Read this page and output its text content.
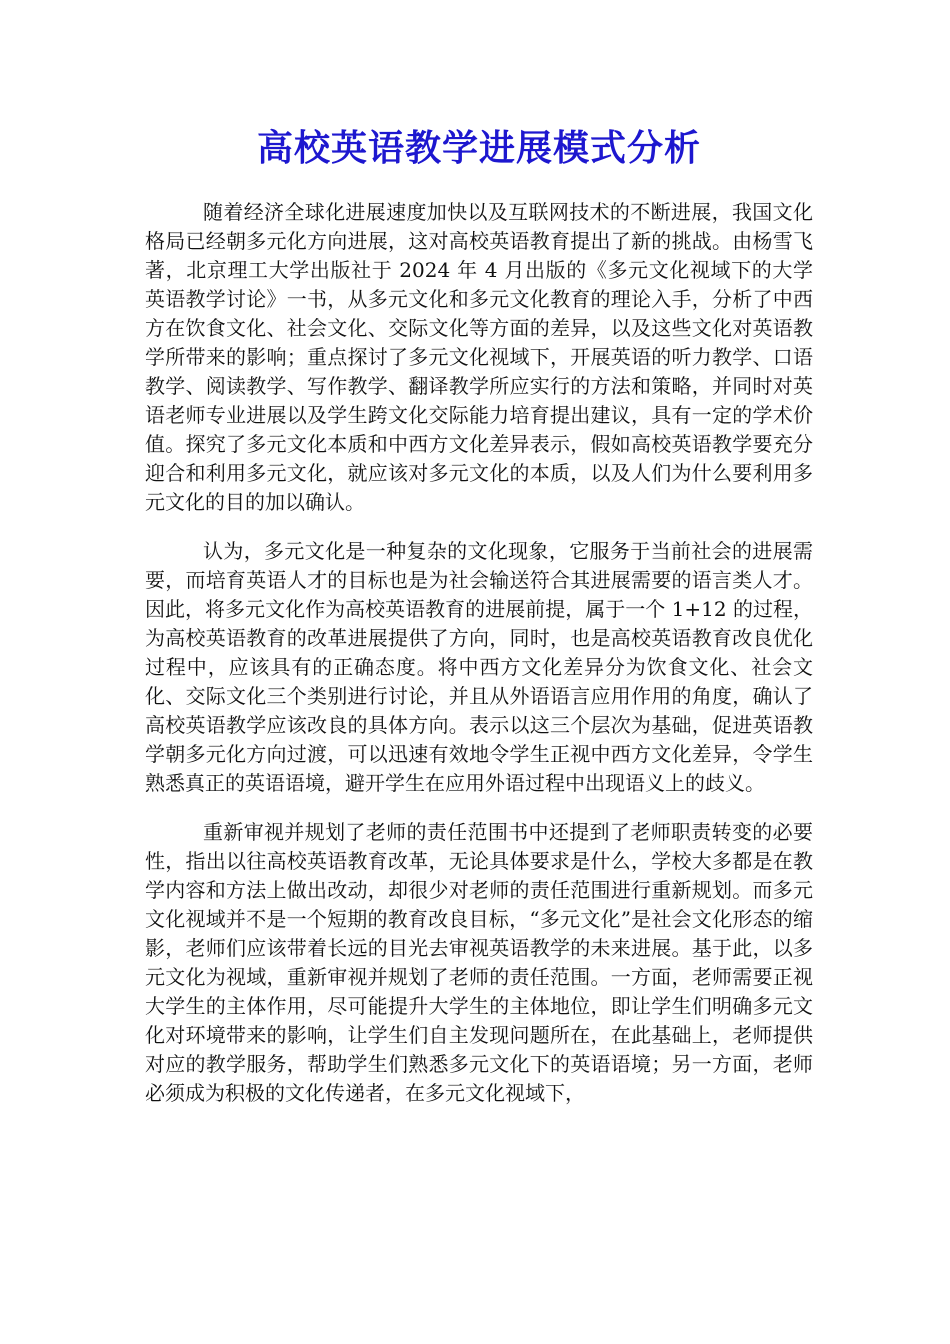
高校英语教学进展模式分析

随着经济全球化进展速度加快以及互联网技术的不断进展，我国文化格局已经朝多元化方向进展，这对高校英语教育提出了新的挑战。由杨雪飞著，北京理工大学出版社于 2024 年 4 月出版的《多元文化视域下的大学英语教学讨论》一书，从多元文化和多元文化教育的理论入手，分析了中西方在饮食文化、社会文化、交际文化等方面的差异，以及这些文化对英语教学所带来的影响；重点探讨了多元文化视域下，开展英语的听力教学、口语教学、阅读教学、写作教学、翻译教学所应实行的方法和策略，并同时对英语老师专业进展以及学生跨文化交际能力培育提出建议，具有一定的学术价值。探究了多元文化本质和中西方文化差异表示，假如高校英语教学要充分迎合和利用多元文化，就应该对多元文化的本质，以及人们为什么要利用多元文化的目的加以确认。

认为，多元文化是一种复杂的文化现象，它服务于当前社会的进展需要，而培育英语人才的目标也是为社会输送符合其进展需要的语言类人才。因此，将多元文化作为高校英语教育的进展前提，属于一个 1+12 的过程，为高校英语教育的改革进展提供了方向，同时，也是高校英语教育改良优化过程中，应该具有的正确态度。将中西方文化差异分为饮食文化、社会文化、交际文化三个类别进行讨论，并且从外语语言应用作用的角度，确认了高校英语教学应该改良的具体方向。表示以这三个层次为基础，促进英语教学朝多元化方向过渡，可以迅速有效地令学生正视中西方文化差异，令学生熟悉真正的英语语境，避开学生在应用外语过程中出现语义上的歧义。

重新审视并规划了老师的责任范围书中还提到了老师职责转变的必要性，指出以往高校英语教育改革，无论具体要求是什么，学校大多都是在教学内容和方法上做出改动，却很少对老师的责任范围进行重新规划。而多元文化视域并不是一个短期的教育改良目标，“多元文化”是社会文化形态的缩影，老师们应该带着长远的目光去审视英语教学的未来进展。基于此，以多元文化为视域，重新审视并规划了老师的责任范围。一方面，老师需要正视大学生的主体作用，尽可能提升大学生的主体地位，即让学生们明确多元文化对环境带来的影响，让学生们自主发现问题所在，在此基础上，老师提供对应的教学服务，帮助学生们熟悉多元文化下的英语语境；另一方面，老师必须成为积极的文化传递者，在多元文化视域下，
